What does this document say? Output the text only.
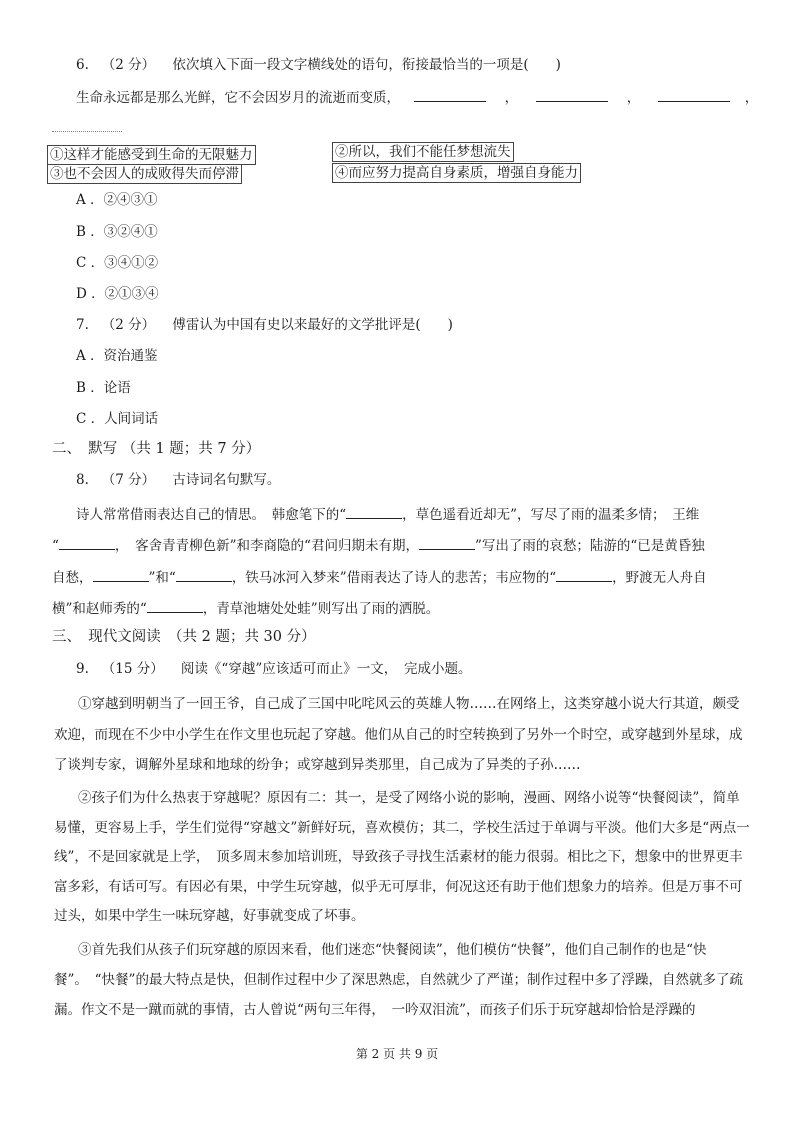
6. （2 分） 依次填入下面一段文字横线处的语句，衔接最恰当的一项是(　　)
生命永远都是那么光鲜，它不会因岁月的流逝而变质，	，	，	，
①这样才能感受到生命的无限魅力	②所以，我们不能任梦想流失
③也不会因人的成败得失而停滞	④而应努力提高自身素质，增强自身能力
A ．②④③①
B ．③②④①
C ．③④①②
D ．②①③④
7. （2 分） 傅雷认为中国有史以来最好的文学批评是(　　)
A ．资治通鉴
B ．论语
C ．人间词话
二、　默写 （共 1 题；共 7 分）
8. （7 分） 古诗词名句默写。
诗人常常借雨表达自己的情思。　韩愈笔下的“	，草色遥看近却无”，写尽了雨的温柔多情；　王维
“	，　客舍青青柳色新”和李商隐的“君问归期未有期，	”写出了雨的哀愁；陆游的“已是黄昏独
自愁，	”和“	，铁马冰河入梦来”借雨表达了诗人的悲苦；韦应物的“	，野渡无人舟自
横”和赵师秀的“	，青草池塘处处蛙”则写出了雨的洒脱。
三、　现代文阅读　（共 2 题；共 30 分）
9. （15 分） 阅读《“穿越”应该适可而止》一文，　完成小题。
①穿越到明朝当了一回王爷，自己成了三国中叱咤风云的英雄人物……在网络上，这类穿越小说大行其道，颇受欢迎，而现在不少中小学生在作文里也玩起了穿越。他们从自己的时空转换到了另外一个时空，或穿越到外星球，成了谈判专家，调解外星球和地球的纷争；或穿越到异类那里，自己成为了异类的子孙……
②孩子们为什么热衷于穿越呢？原因有二：其一，是受了网络小说的影响，漫画、网络小说等“快餐阅读”，简单易懂，更容易上手，学生们觉得“穿越文”新鲜好玩，喜欢模仿；其二，学校生活过于单调与平淡。他们大多是“两点一线”，不是回家就是上学，　顶多周末参加培训班，导致孩子寻找生活素材的能力很弱。相比之下，想象中的世界更丰富多彩，有话可写。有因必有果，中学生玩穿越，似乎无可厚非，何况这还有助于他们想象力的培养。但是万事不可过头，如果中学生一味玩穿越，好事就变成了坏事。
③首先我们从孩子们玩穿越的原因来看，他们迷恋“快餐阅读”，他们模仿“快餐”，他们自己制作的也是“快餐”。　“快餐”的最大特点是快，但制作过程中少了深思熟虑，自然就少了严谨；制作过程中多了浮躁，自然就多了疏漏。作文不是一蹴而就的事情，古人曾说“两句三年得，　一吟双泪流”，而孩子们乐于玩穿越却恰恰是浮躁的
第 2 页 共 9 页
